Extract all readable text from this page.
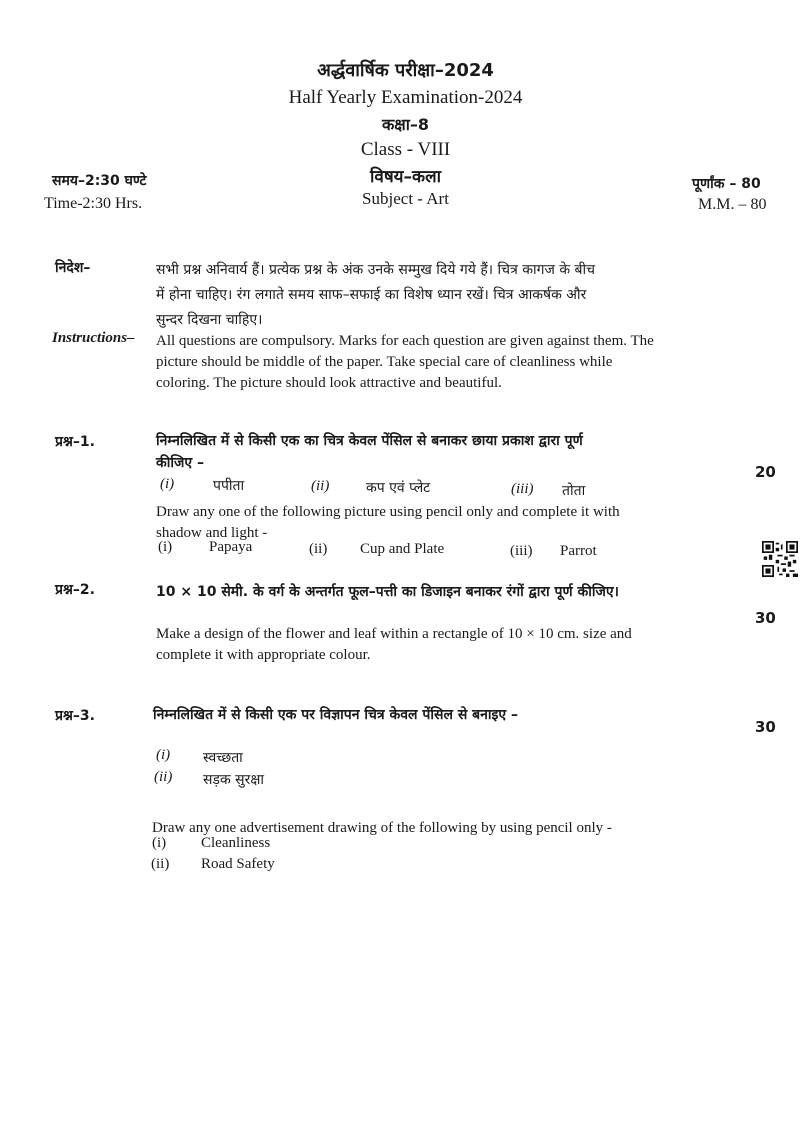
अर्द्धवार्षिक परीक्षा–2024
Half Yearly Examination-2024
कक्षा–8
Class - VIII
विषय–कला
Subject - Art
समय–2:30 घण्टे
Time-2:30 Hrs.
पूर्णांक – 80
M.M. – 80
निदेश–	सभी प्रश्न अनिवार्य हैं। प्रत्येक प्रश्न के अंक उनके सम्मुख दिये गये हैं। चित्र कागज के बीच
में होना चाहिए। रंग लगाते समय साफ–सफाई का विशेष ध्यान रखें। चित्र आकर्षक और
सुन्दर दिखना चाहिए।
Instructions– All questions are compulsory. Marks for each question are given against them. The
picture should be middle of the paper. Take special care of cleanliness while
coloring. The picture should look attractive and beautiful.
प्रश्न–1.	निम्नलिखित में से किसी एक का चित्र केवल पेंसिल से बनाकर छाया प्रकाश द्वारा पूर्ण
कीजिए –	20
(i)	पपीता	(ii)	कप एवं प्लेट	(iii) तोता
Draw any one of the following picture using pencil only and complete it with
shadow and light -
(i) Papaya	(ii) Cup and Plate	(iii) Parrot
प्रश्न–2.	10 × 10 सेमी. के वर्ग के अन्तर्गत फूल–पत्ती का डिजाइन बनाकर रंगों द्वारा पूर्ण कीजिए।
30
Make a design of the flower and leaf within a rectangle of 10 × 10 cm. size and
complete it with appropriate colour.
प्रश्न–3.	निम्नलिखित में से किसी एक पर विज्ञापन चित्र केवल पेंसिल से बनाइए –
30
(i) स्वच्छता
(ii) सड़क सुरक्षा
Draw any one advertisement drawing of the following by using pencil only -
(i) Cleanliness
(ii) Road Safety
